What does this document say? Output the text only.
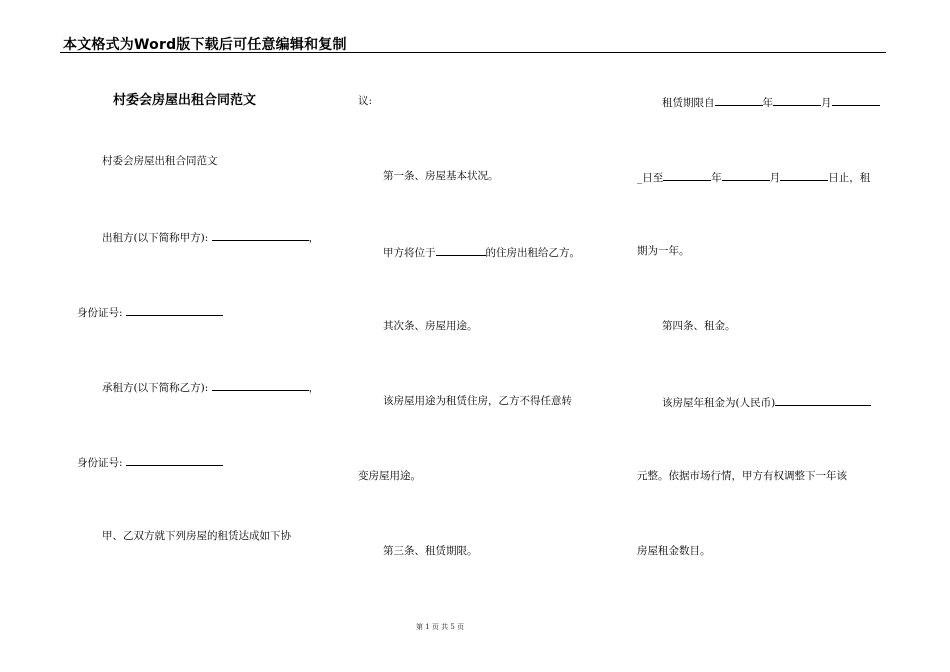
本文格式为Word版下载后可任意编辑和复制
村委会房屋出租合同范文
村委会房屋出租合同范文
出租方(以下简称甲方):	，
身份证号:
承租方(以下简称乙方):	，
身份证号:
甲、乙双方就下列房屋的租赁达成如下协
议:
第一条、房屋基本状况。
甲方将位于	的住房出租给乙方。
其次条、房屋用途。
该房屋用途为租赁住房，乙方不得任意转
变房屋用途。
第三条、租赁期限。
租赁期限自	年	月
_日至	年	月	日止，租
期为一年。
第四条、租金。
该房屋年租金为(人民币)
元整。依据市场行情，甲方有权调整下一年该
房屋租金数目。
第 1 页 共 5 页
